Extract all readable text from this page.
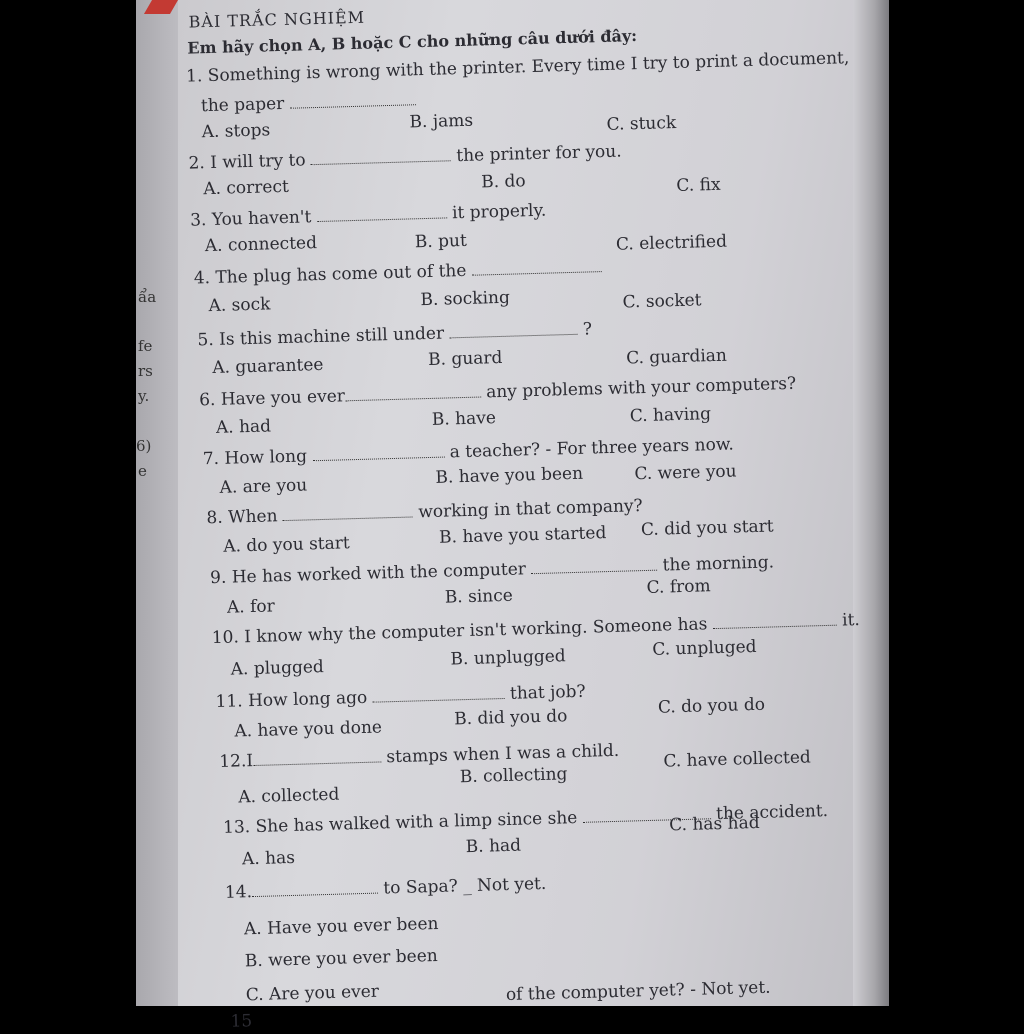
ẩa
fe
rs
y.
6)
e
BÀI TRẮC NGHIỆM
Em hãy chọn A, B hoặc C cho những câu dưới đây:
1. Something is wrong with the printer. Every time I try to print a document,
the paper
A. stops	B. jams	C. stuck
2. I will try to	the printer for you.
A. correct	B. do	C. fix
3. You haven't	it properly.
A. connected	B. put	C. electrified
4. The plug has come out of the
A. sock	B. socking	C. socket
5. Is this machine still under	?
A. guarantee	B. guard	C. guardian
6. Have you ever	any problems with your computers?
A. had	B. have	C. having
7. How long	a teacher? - For three years now.
A. are you	B. have you been	C. were you
8. When	working in that company?
A. do you start	B. have you started C. did you start
9. He has worked with the computer	the morning.
A. for	B. since	C. from
10. I know why the computer isn't working. Someone has	it.
A. plugged	B. unplugged	C. unpluged
11. How long ago	that job?
A. have you done	B. did you do
C. do you do
12.I	stamps when I was a child.
A. collected
B. collecting
C. have collected
13. She has walked with a limp since she	the accident.
A. has
B. had
C. has had
14.	to Sapa? _ Not yet.
A. Have you ever been
B. were you ever been
C. Are you ever
15
of the computer yet? - Not yet.
